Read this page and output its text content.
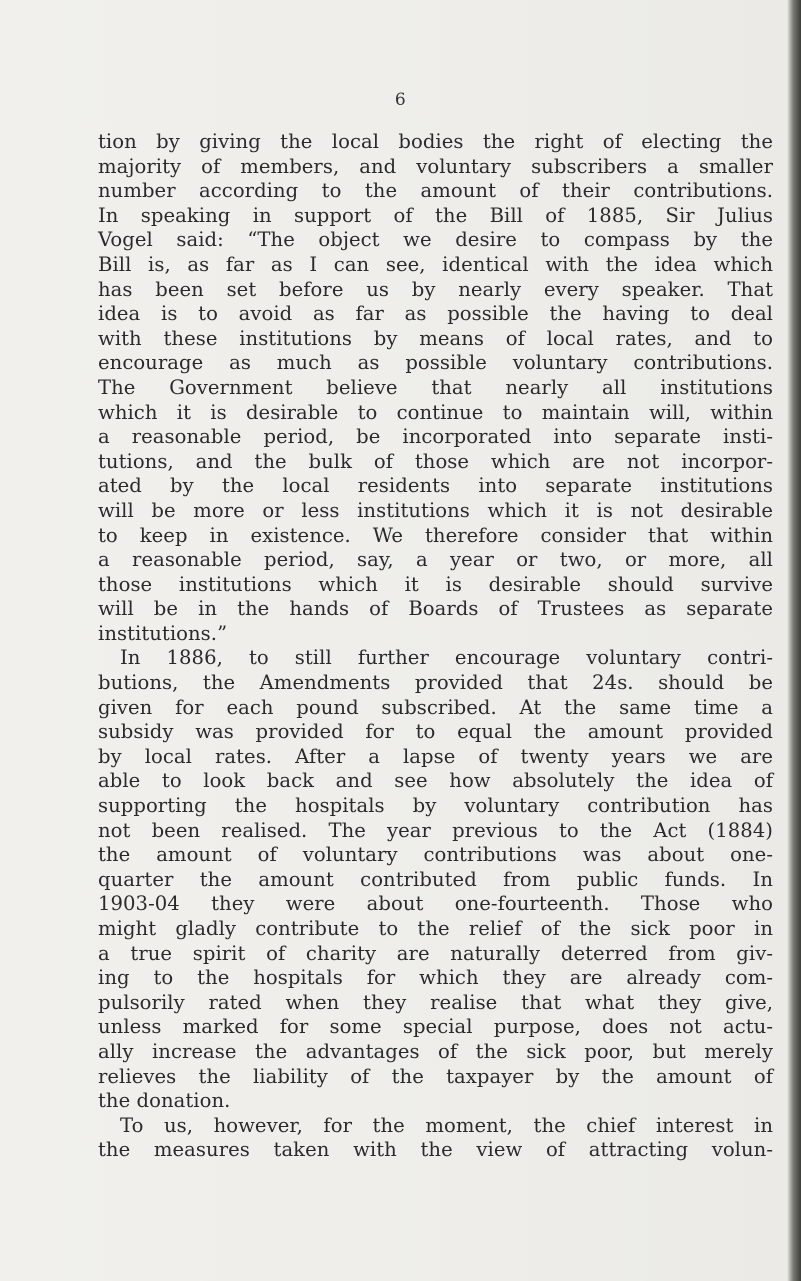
6
tion by giving the local bodies the right of electing the
majority of members, and voluntary subscribers a smaller
number according to the amount of their contributions.
In speaking in support of the Bill of 1885, Sir Julius
Vogel said: “The object we desire to compass by the
Bill is, as far as I can see, identical with the idea which
has been set before us by nearly every speaker. That
idea is to avoid as far as possible the having to deal
with these institutions by means of local rates, and to
encourage as much as possible voluntary contributions.
The Government believe that nearly all institutions
which it is desirable to continue to maintain will, within
a reasonable period, be incorporated into separate insti-
tutions, and the bulk of those which are not incorpor-
ated by the local residents into separate institutions
will be more or less institutions which it is not desirable
to keep in existence. We therefore consider that within
a reasonable period, say, a year or two, or more, all
those institutions which it is desirable should survive
will be in the hands of Boards of Trustees as separate
institutions.”
In 1886, to still further encourage voluntary contri-
butions, the Amendments provided that 24s. should be
given for each pound subscribed. At the same time a
subsidy was provided for to equal the amount provided
by local rates. After a lapse of twenty years we are
able to look back and see how absolutely the idea of
supporting the hospitals by voluntary contribution has
not been realised. The year previous to the Act (1884)
the amount of voluntary contributions was about one-
quarter the amount contributed from public funds. In
1903-04 they were about one-fourteenth. Those who
might gladly contribute to the relief of the sick poor in
a true spirit of charity are naturally deterred from giv-
ing to the hospitals for which they are already com-
pulsorily rated when they realise that what they give,
unless marked for some special purpose, does not actu-
ally increase the advantages of the sick poor, but merely
relieves the liability of the taxpayer by the amount of
the donation.
To us, however, for the moment, the chief interest in
the measures taken with the view of attracting volun-
